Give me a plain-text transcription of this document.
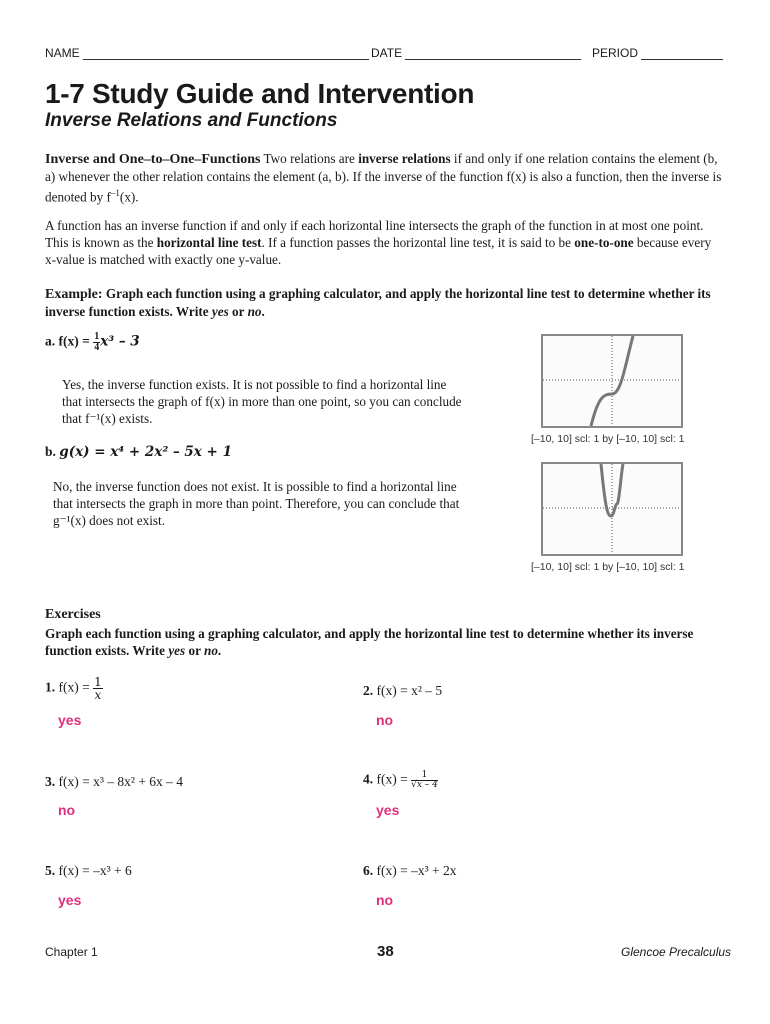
NAME	DATE	PERIOD
1-7 Study Guide and Intervention
Inverse Relations and Functions
Inverse and One–to–One–Functions Two relations are inverse relations if and only if one relation contains the element (b, a) whenever the other relation contains the element (a, b). If the inverse of the function f(x) is also a function, then the inverse is denoted by $f^{-1}(x)$.
A function has an inverse function if and only if each horizontal line intersects the graph of the function in at most one point. This is known as the horizontal line test. If a function passes the horizontal line test, it is said to be one-to-one because every x-value is matched with exactly one y-value.
Example: Graph each function using a graphing calculator, and apply the horizontal line test to determine whether its inverse function exists. Write yes or no.
a. $f(x) = \frac{1}{4} x^3 - 3$
Yes, the inverse function exists. It is not possible to find a horizontal line
that intersects the graph of f(x) in more than one point, so you can conclude
that f⁻¹(x) exists.
[–10, 10] scl: 1 by [–10, 10] scl: 1
b. g(x) = x⁴ + 2x² – 5x + 1
No, the inverse function does not exist. It is possible to find a horizontal line
that intersects the graph in more than point. Therefore, you can conclude that
g⁻¹(x) does not exist.
[–10, 10] scl: 1 by [–10, 10] scl: 1
Exercises
Graph each function using a graphing calculator, and apply the horizontal line test to determine whether its inverse function exists. Write yes or no.
1. $f(x) = \frac{1}{x}$
yes
2. f(x) = x² – 5
no
3. f(x) = x³ – 8x² + 6x – 4
no
4. $f(x) = \frac{1}{√x - 4}$
yes
5. f(x) = –x³ + 6
yes
6. f(x) = –x³ + 2x
no
Chapter 1	38	Glencoe Precalculus
